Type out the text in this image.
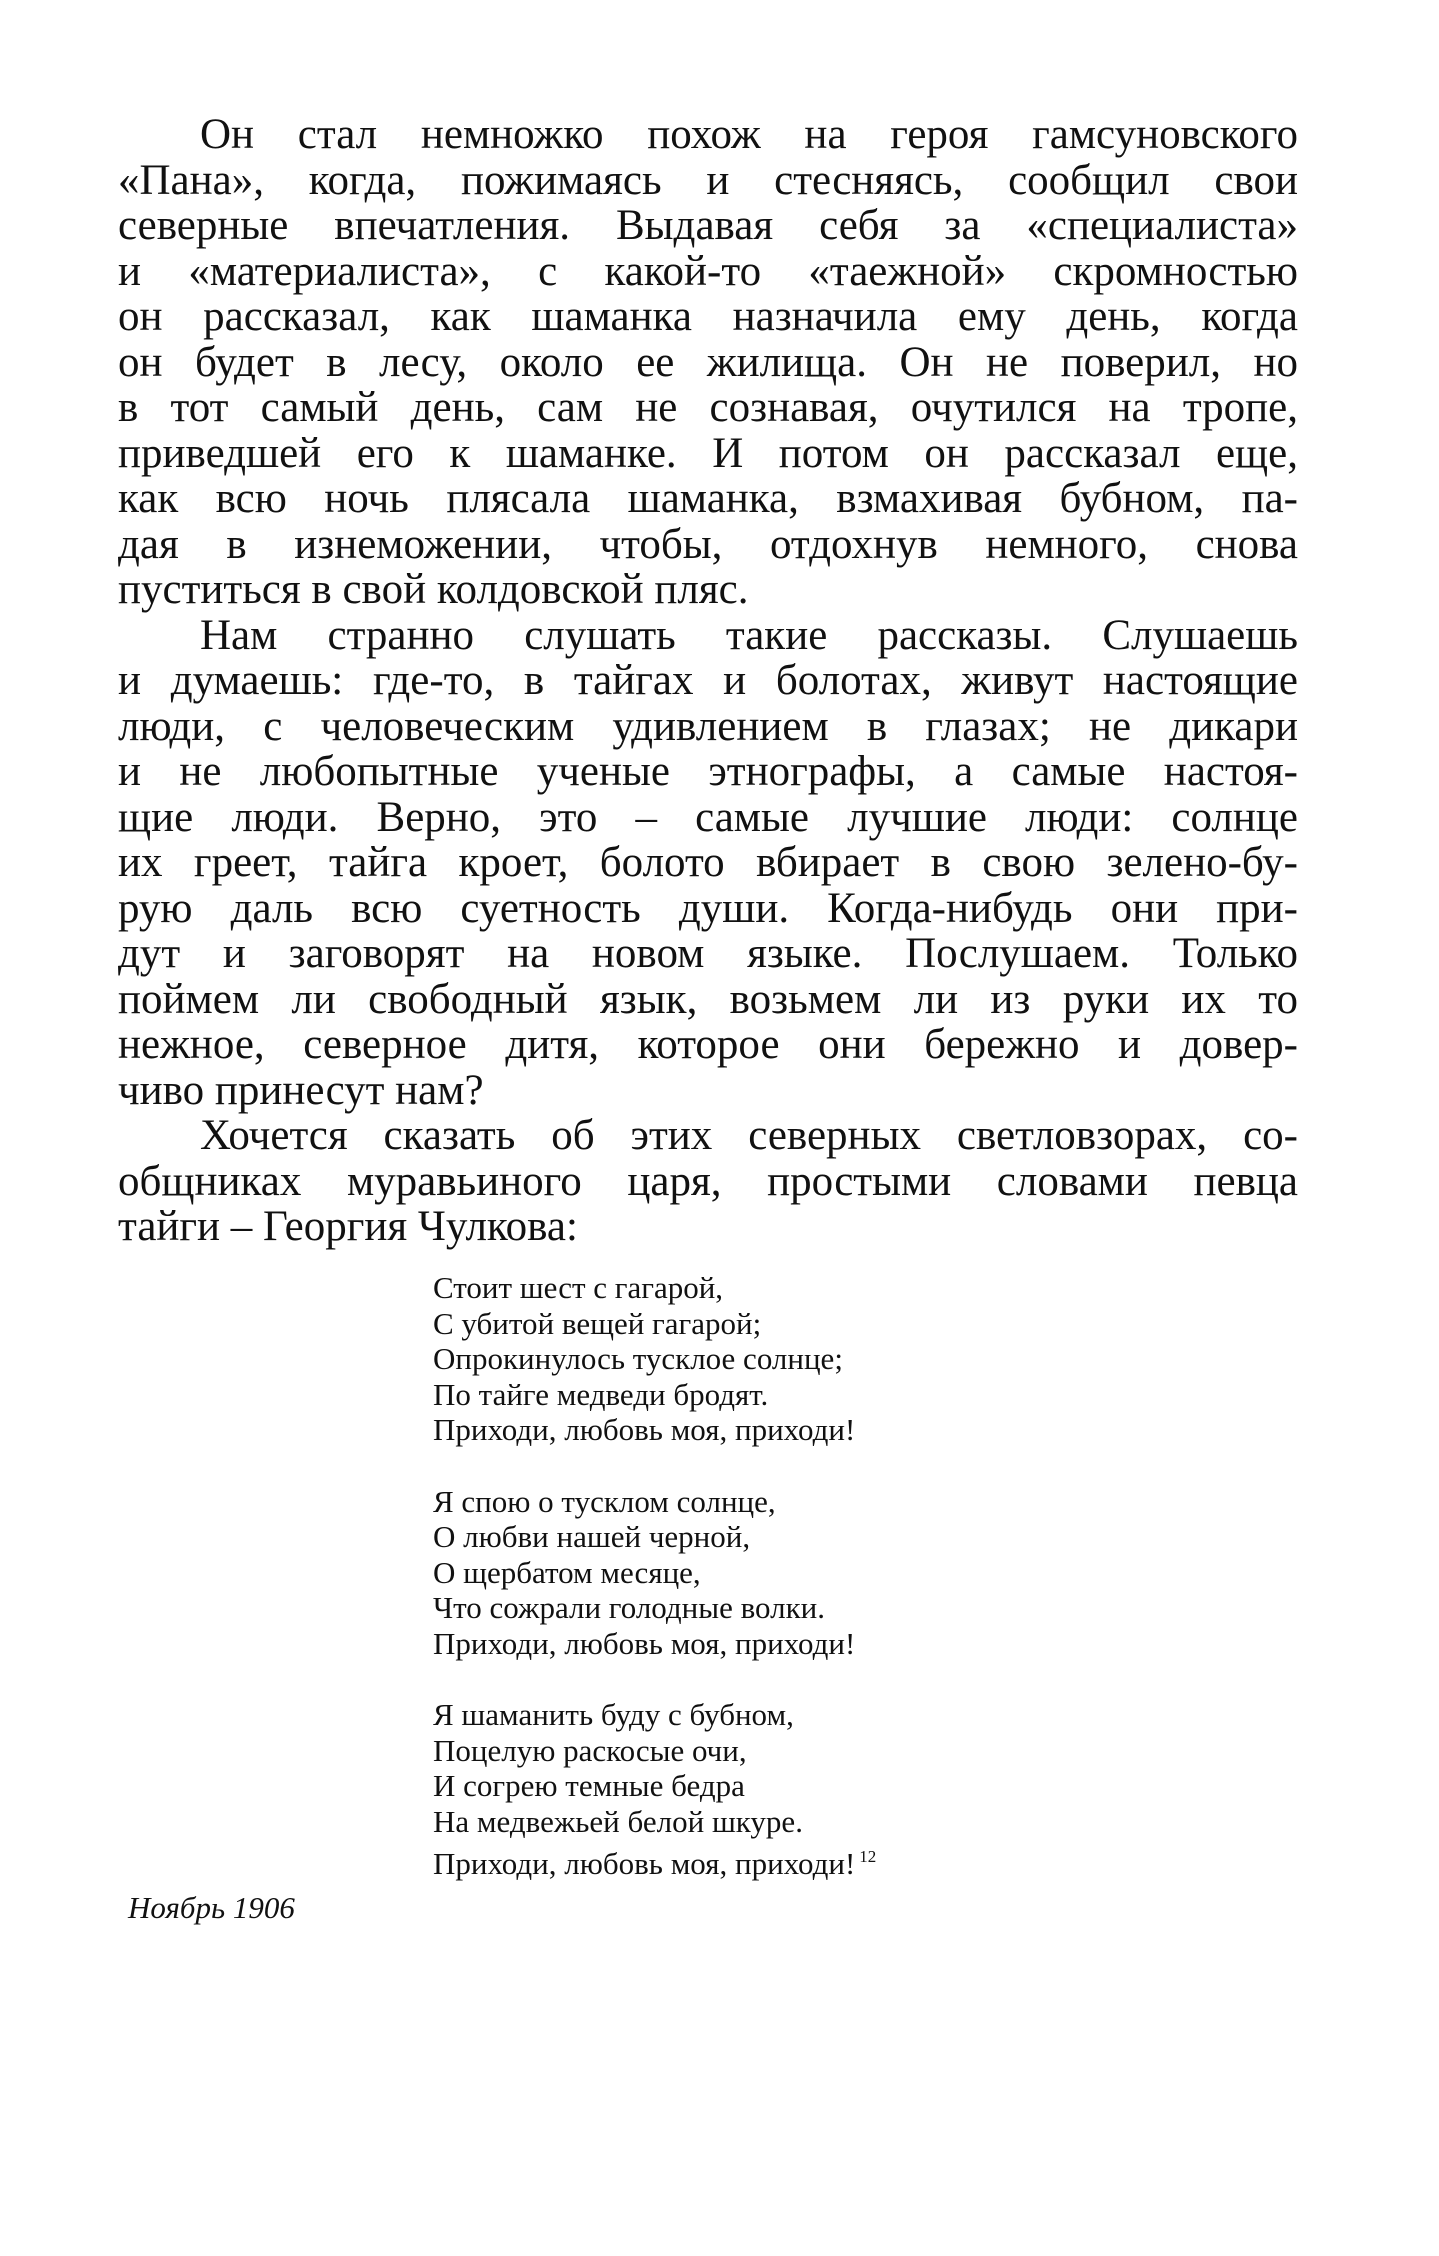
Он стал немножко похож на героя гамсуновского
«Пана», когда, пожимаясь и стесняясь, сообщил свои
северные впечатления. Выдавая себя за «специалиста»
и «материалиста», с какой-то «таежной» скромностью
он рассказал, как шаманка назначила ему день, когда
он будет в лесу, около ее жилища. Он не поверил, но
в тот самый день, сам не сознавая, очутился на тропе,
приведшей его к шаманке. И потом он рассказал еще,
как всю ночь плясала шаманка, взмахивая бубном, па-
дая в изнеможении, чтобы, отдохнув немного, снова
пуститься в свой колдовской пляс.
Нам странно слушать такие рассказы. Слушаешь
и думаешь: где-то, в тайгах и болотах, живут настоящие
люди, с человеческим удивлением в глазах; не дикари
и не любопытные ученые этнографы, а самые настоя-
щие люди. Верно, это – самые лучшие люди: солнце
их греет, тайга кроет, болото вбирает в свою зелено-бу-
рую даль всю суетность души. Когда-нибудь они при-
дут и заговорят на новом языке. Послушаем. Только
поймем ли свободный язык, возьмем ли из руки их то
нежное, северное дитя, которое они бережно и довер-
чиво принесут нам?
Хочется сказать об этих северных светловзорах, со-
общниках муравьиного царя, простыми словами певца
тайги – Георгия Чулкова:
Стоит шест с гагарой,
С убитой вещей гагарой;
Опрокинулось тусклое солнце;
По тайге медведи бродят.
Приходи, любовь моя, приходи!
Я спою о тусклом солнце,
О любви нашей черной,
О щербатом месяце,
Что сожрали голодные волки.
Приходи, любовь моя, приходи!
Я шаманить буду с бубном,
Поцелую раскосые очи,
И согрею темные бедра
На медвежьей белой шкуре.
Приходи, любовь моя, приходи! $^{12}$
Ноябрь 1906
